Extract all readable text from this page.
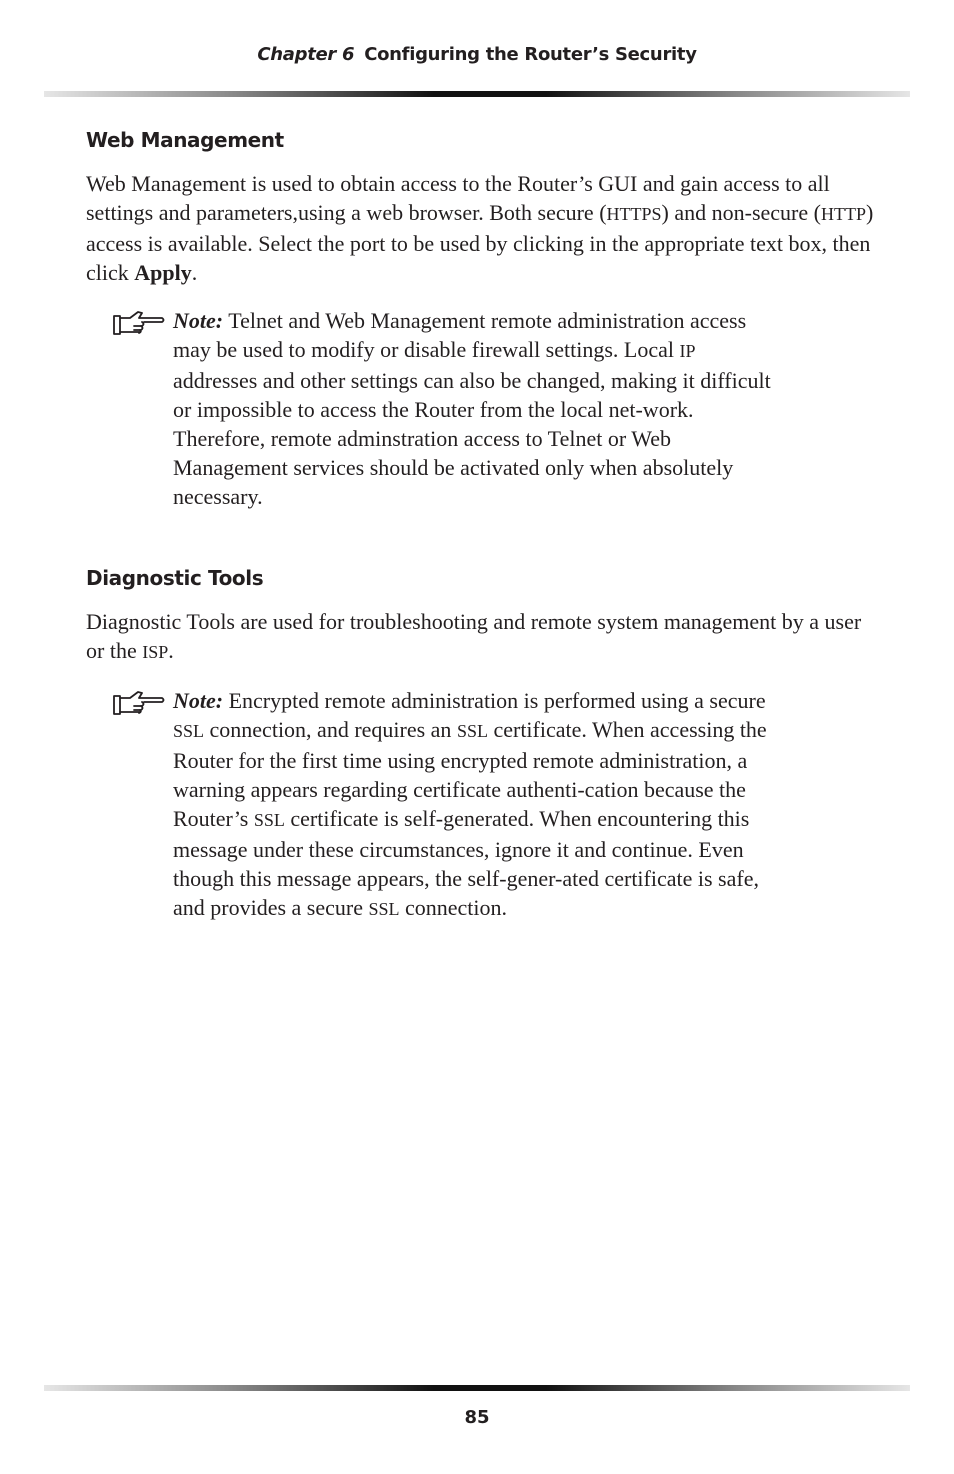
Chapter 6 Configuring the Router’s Security
Web Management

Web Management is used to obtain access to the Router’s GUI and gain access to all settings and parameters,using a web browser. Both secure (HTTPS) and non-secure (HTTP) access is available. Select the port to be used by clicking in the appropriate text box, then click Apply.

Note: Telnet and Web Management remote administration access may be used to modify or disable firewall settings. Local IP addresses and other settings can also be changed, making it difficult or impossible to access the Router from the local net-work. Therefore, remote adminstration access to Telnet or Web Management services should be activated only when absolutely necessary.

Diagnostic Tools

Diagnostic Tools are used for troubleshooting and remote system management by a user or the ISP.

Note: Encrypted remote administration is performed using a secure SSL connection, and requires an SSL certificate. When accessing the Router for the first time using encrypted remote administration, a warning appears regarding certificate authenti-cation because the Router’s SSL certificate is self-generated. When encountering this message under these circumstances, ignore it and continue. Even though this message appears, the self-gener-ated certificate is safe, and provides a secure SSL connection.

85
